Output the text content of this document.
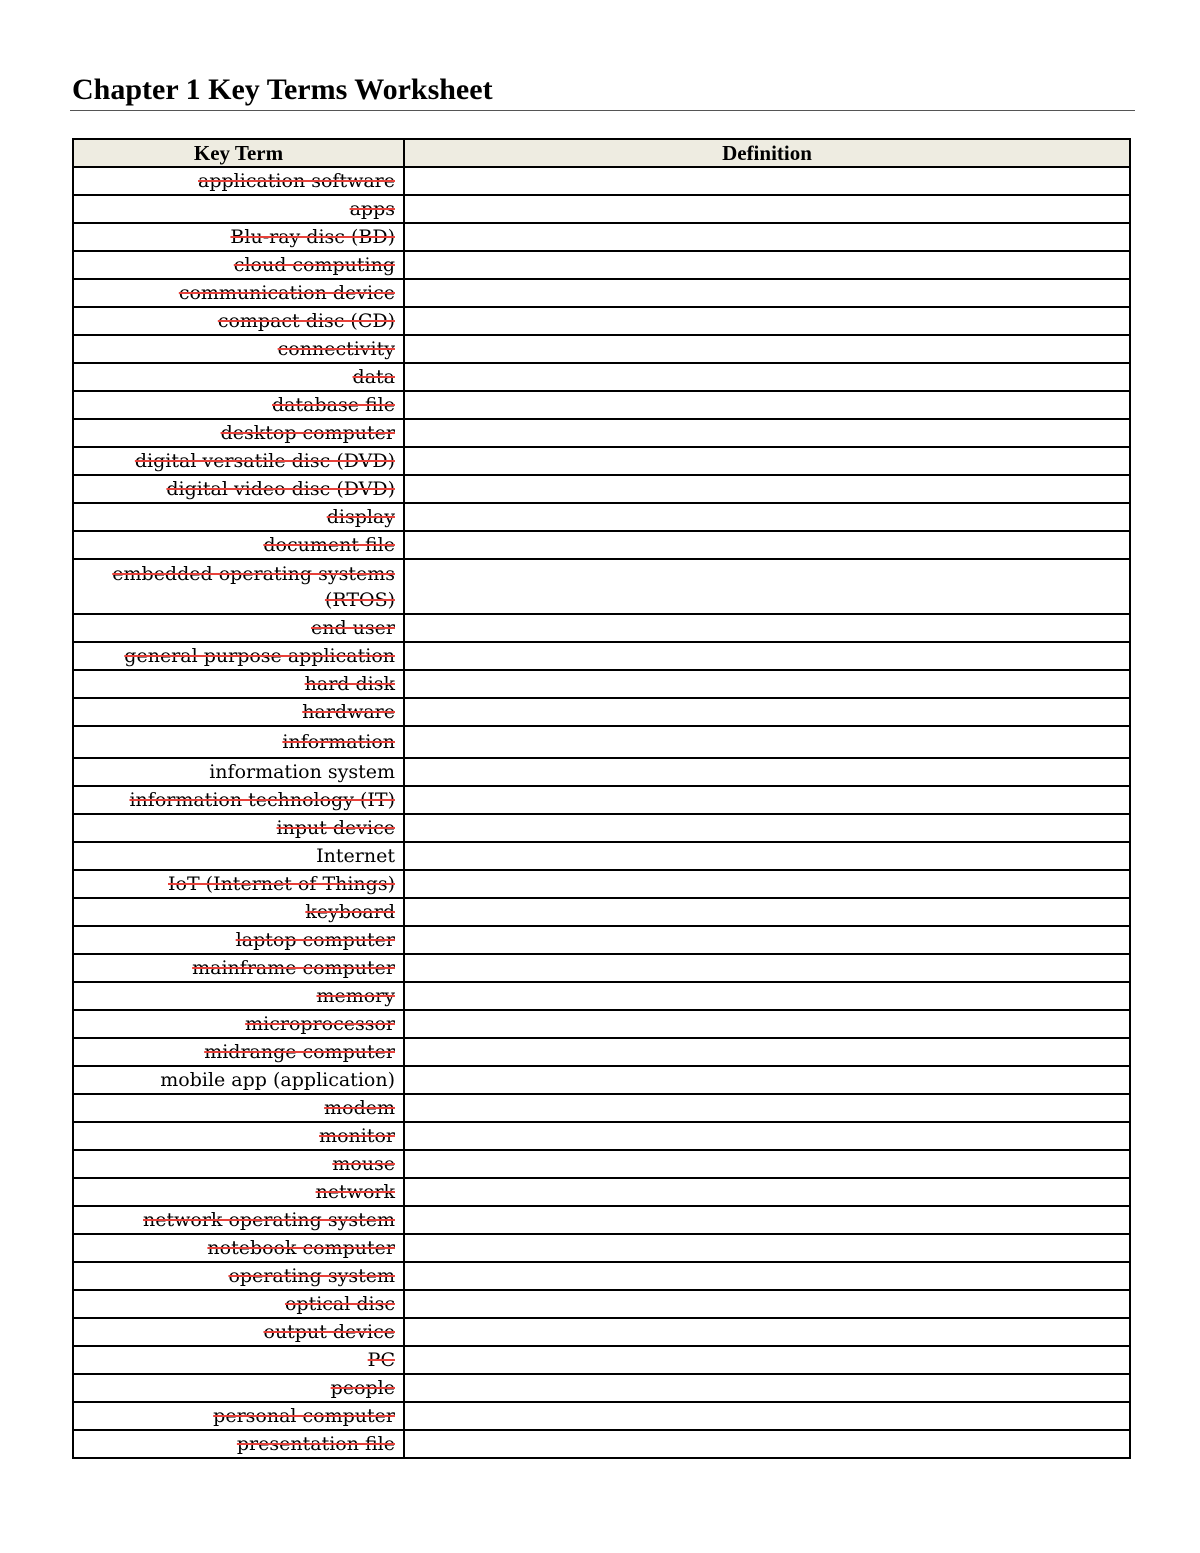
Chapter 1 Key Terms Worksheet
Key Term	Definition
application software	
apps	
Blu-ray disc (BD)	
cloud computing	
communication device	
compact disc (CD)	
connectivity	
data	
database file	
desktop computer	
digital versatile disc (DVD)	
digital video disc (DVD)	
display	
document file	
embedded operating systems (RTOS)	
end user	
general purpose application	
hard disk	
hardware	
information	
information system	
information technology (IT)	
input device	
Internet	
IoT (Internet of Things)	
keyboard	
laptop computer	
mainframe computer	
memory	
microprocessor	
midrange computer	
mobile app (application)	
modem	
monitor	
mouse	
network	
network operating system	
notebook computer	
operating system	
optical disc	
output device	
PC	
people	
personal computer	
presentation file	
